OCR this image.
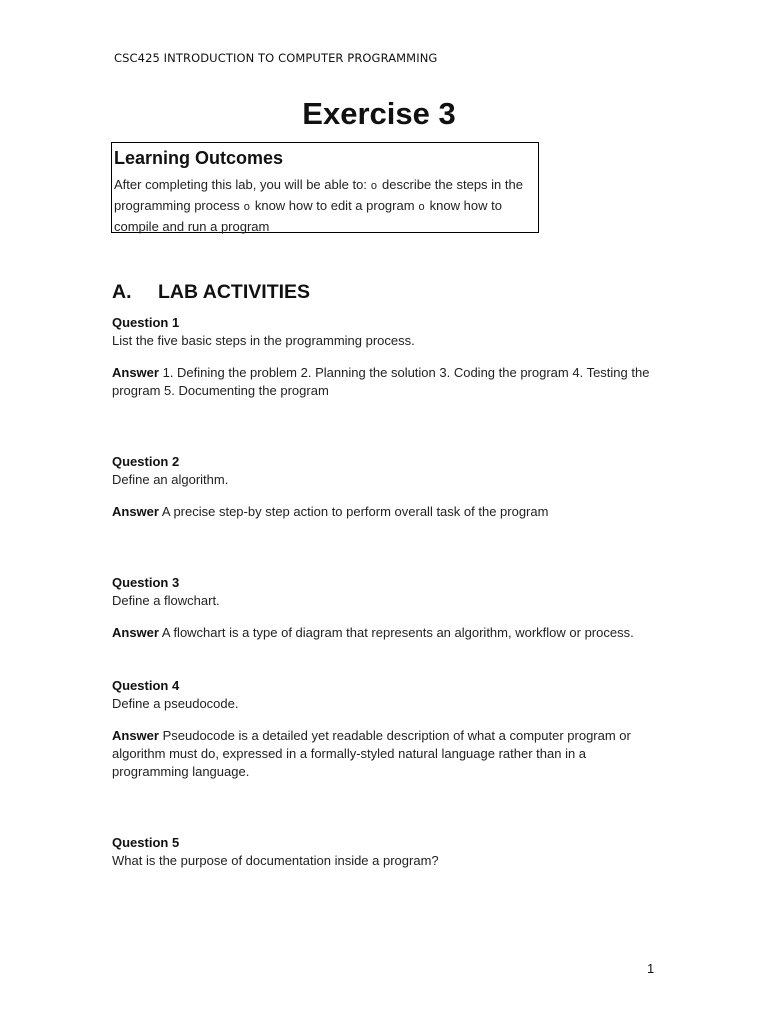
CSC425 INTRODUCTION TO COMPUTER PROGRAMMING
Exercise 3
Learning Outcomes
After completing this lab, you will be able to: o describe the steps in the programming process o know how to edit a program o know how to compile and run a program
A. LAB ACTIVITIES
Question 1
List the five basic steps in the programming process.
Answer 1. Defining the problem 2. Planning the solution 3. Coding the program 4. Testing the program 5. Documenting the program
Question 2
Define an algorithm.
Answer A precise step-by step action to perform overall task of the program
Question 3
Define a flowchart.
Answer A flowchart is a type of diagram that represents an algorithm, workflow or process.
Question 4
Define a pseudocode.
Answer Pseudocode is a detailed yet readable description of what a computer program or algorithm must do, expressed in a formally-styled natural language rather than in a programming language.
Question 5
What is the purpose of documentation inside a program?
1
